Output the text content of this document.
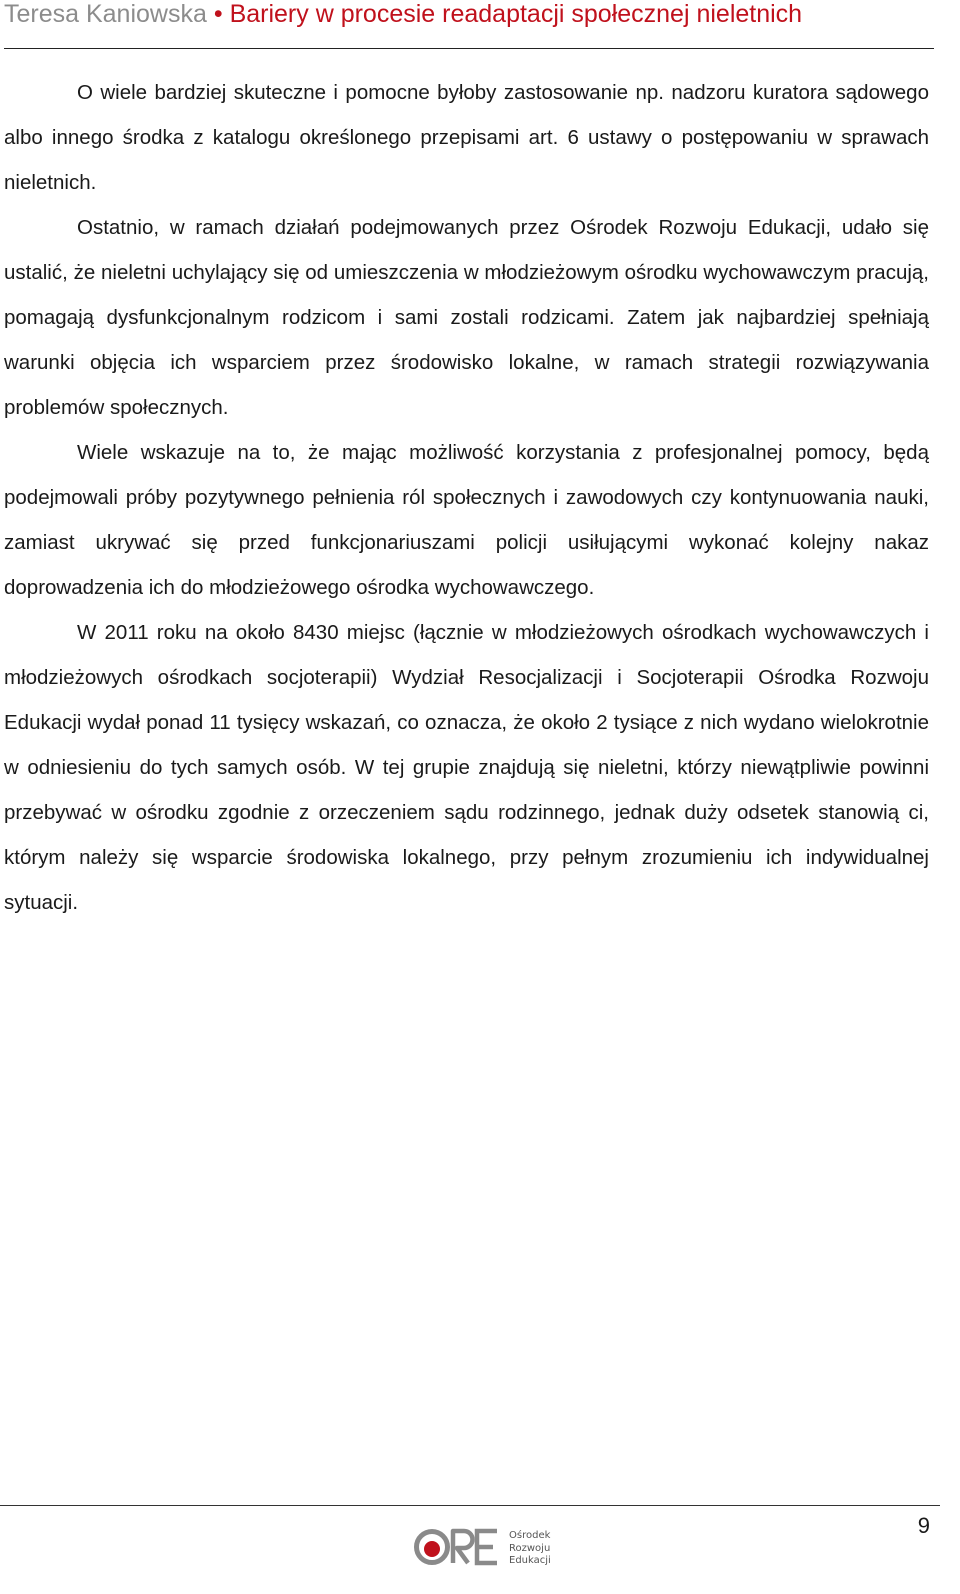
Teresa Kaniowska • Bariery w procesie readaptacji społecznej nieletnich

O wiele bardziej skuteczne i pomocne byłoby zastosowanie np. nadzoru kuratora sądowego albo innego środka z katalogu określonego przepisami art. 6 ustawy o postępowaniu w sprawach nieletnich.

Ostatnio, w ramach działań podejmowanych przez Ośrodek Rozwoju Edukacji, udało się ustalić, że nieletni uchylający się od umieszczenia w młodzieżowym ośrodku wychowawczym pracują, pomagają dysfunkcjonalnym rodzicom i sami zostali rodzicami. Zatem jak najbardziej spełniają warunki objęcia ich wsparciem przez środowisko lokalne, w ramach strategii rozwiązywania problemów społecznych.

Wiele wskazuje na to, że mając możliwość korzystania z profesjonalnej pomocy, będą podejmowali próby pozytywnego pełnienia ról społecznych i zawodowych czy kontynuowania nauki, zamiast ukrywać się przed funkcjonariuszami policji usiłującymi wykonać kolejny nakaz doprowadzenia ich do młodzieżowego ośrodka wychowawczego.

W 2011 roku na około 8430 miejsc (łącznie w młodzieżowych ośrodkach wychowawczych i młodzieżowych ośrodkach socjoterapii) Wydział Resocjalizacji i Socjoterapii Ośrodka Rozwoju Edukacji wydał ponad 11 tysięcy wskazań, co oznacza, że około 2 tysiące z nich wydano wielokrotnie w odniesieniu do tych samych osób. W tej grupie znajdują się nieletni, którzy niewątpliwie powinni przebywać w ośrodku zgodnie z orzeczeniem sądu rodzinnego, jednak duży odsetek stanowią ci, którym należy się wsparcie środowiska lokalnego, przy pełnym zrozumieniu ich indywidualnej sytuacji.

9
Ośrodek
Rozwoju
Edukacji
